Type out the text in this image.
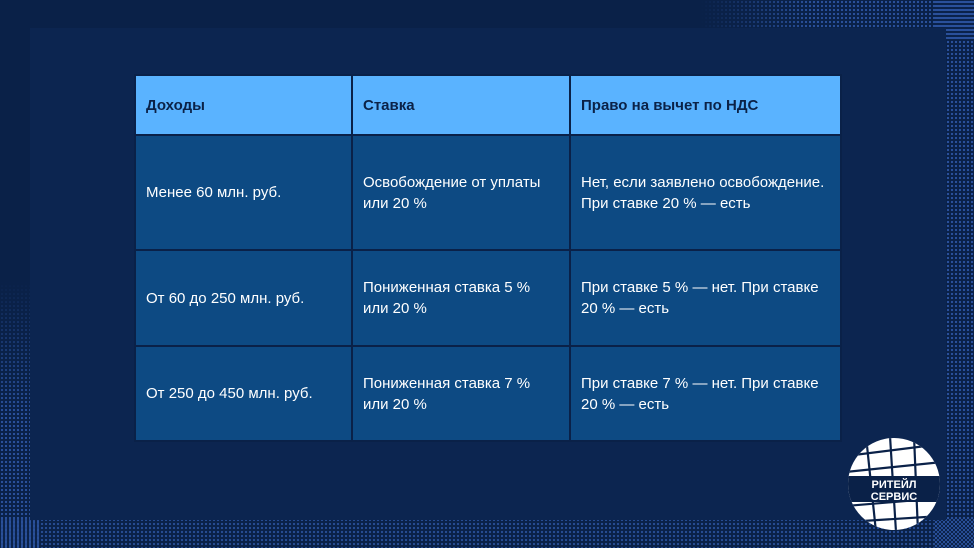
Доходы	Ставка	Право на вычет по НДС
Менее 60 млн. руб.	Освобождение от уплаты или 20 %	Нет, если заявлено освобождение. При ставке 20 % — есть
От 60 до 250 млн. руб.	Пониженная ставка 5 % или 20 %	При ставке 5 % — нет. При ставке 20 % — есть
От 250 до 450 млн. руб.	Пониженная ставка 7 % или 20 %	При ставке 7 % — нет. При ставке 20 % — есть
РИТЕЙЛ
СЕРВИС
